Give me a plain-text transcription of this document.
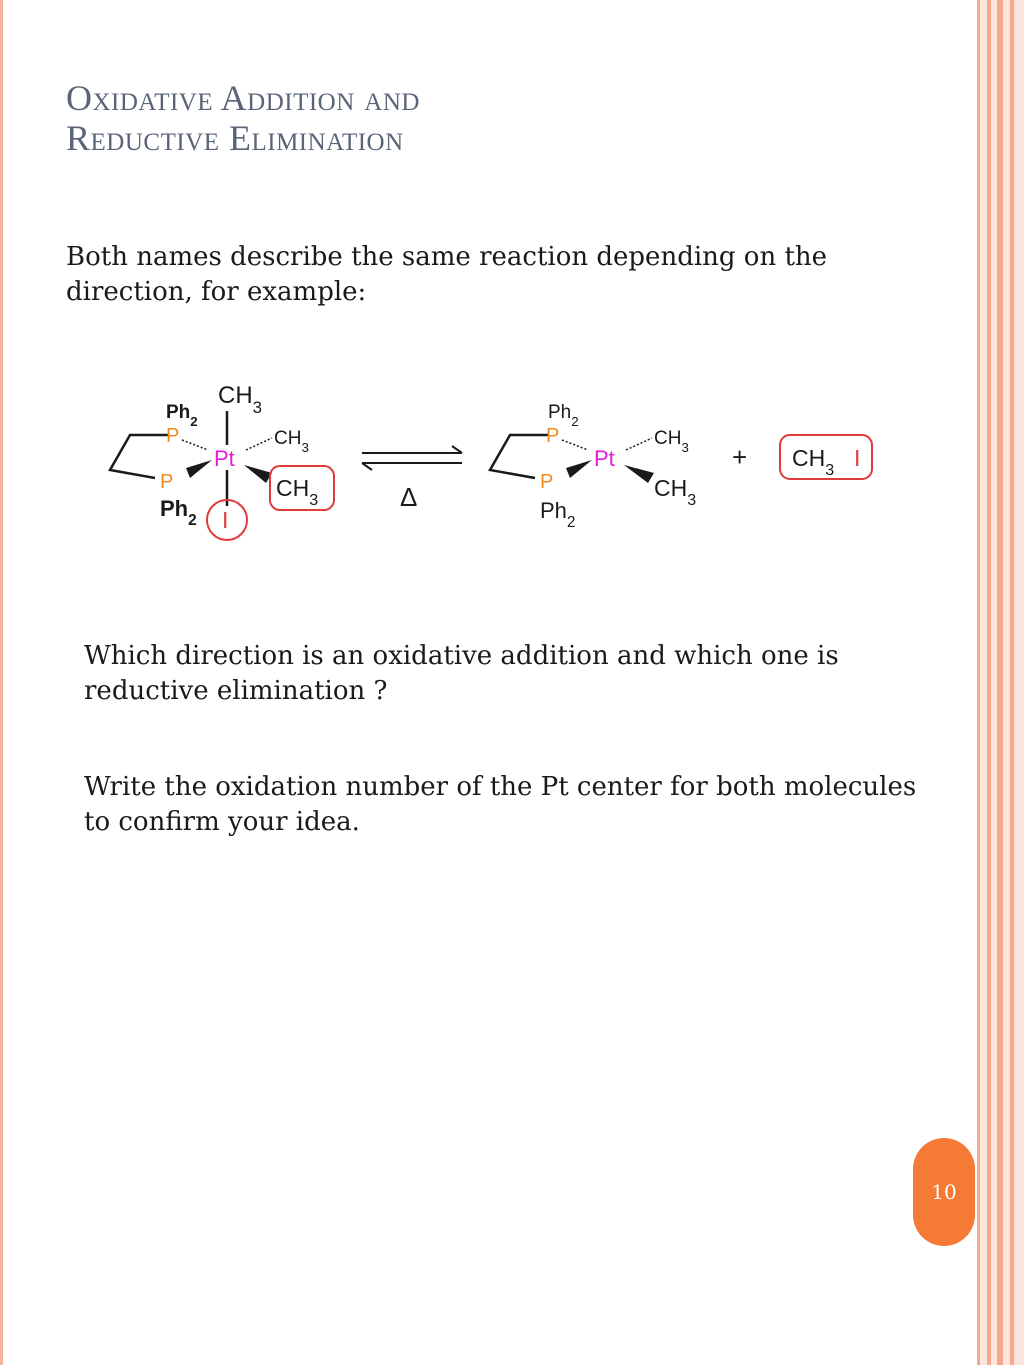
Oxidative Addition and
Reductive Elimination
Both names describe the same reaction depending on the direction, for example:
$Ph_2$
P
Pt
$CH_3$
$CH_3$
$CH_3$
P
$Ph_2$ I
Δ
$Ph_2$
P
Pt
$CH_3$
$CH_3$
P
$Ph_2$
+ $CH_3$ I
Which direction is an oxidative addition and which one is reductive elimination ?
Write the oxidation number of the Pt center for both molecules to confirm your idea.
10
